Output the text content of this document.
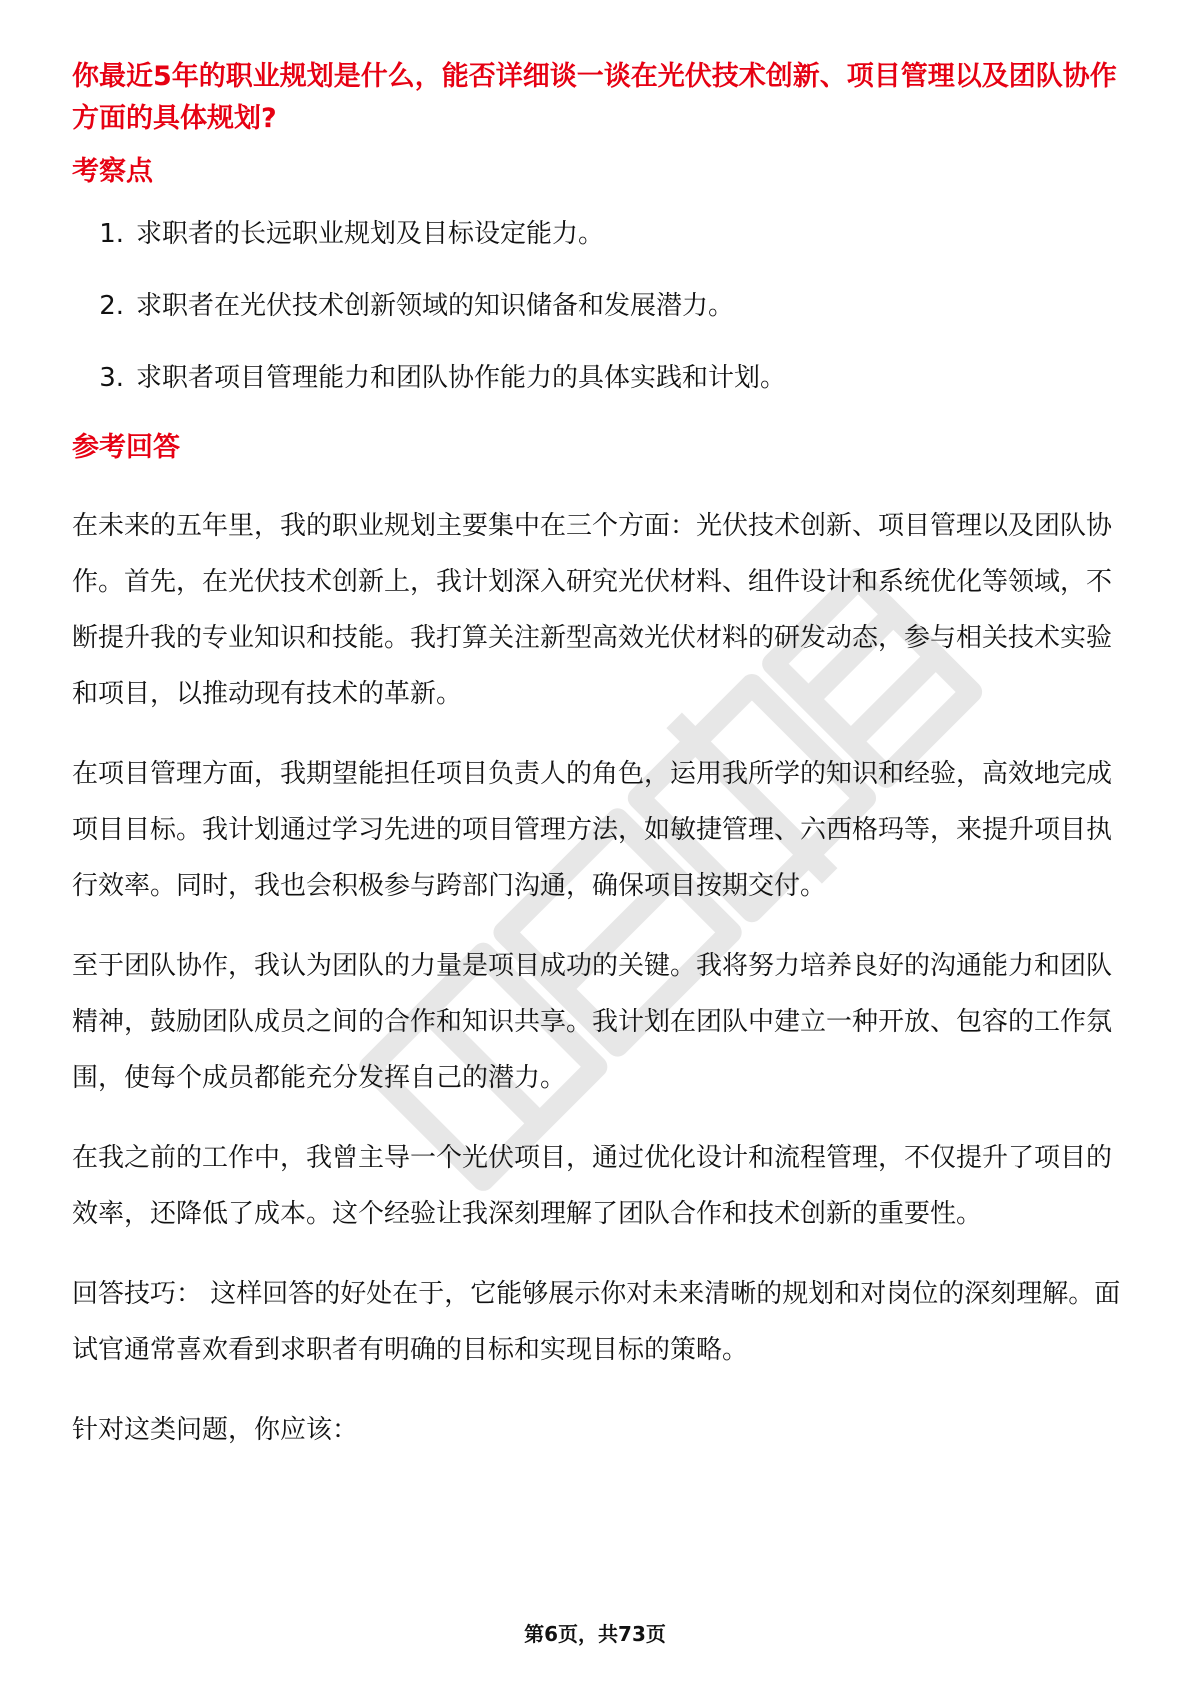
你最近5年的职业规划是什么，能否详细谈一谈在光伏技术创新、项目管理以及团队协作方面的具体规划?

考察点

1. 求职者的长远职业规划及目标设定能力。
2. 求职者在光伏技术创新领域的知识储备和发展潜力。
3. 求职者项目管理能力和团队协作能力的具体实践和计划。

参考回答

在未来的五年里，我的职业规划主要集中在三个方面：光伏技术创新、项目管理以及团队协作。首先，在光伏技术创新上，我计划深入研究光伏材料、组件设计和系统优化等领域，不断提升我的专业知识和技能。我打算关注新型高效光伏材料的研发动态，参与相关技术实验和项目，以推动现有技术的革新。

在项目管理方面，我期望能担任项目负责人的角色，运用我所学的知识和经验，高效地完成项目目标。我计划通过学习先进的项目管理方法，如敏捷管理、六西格玛等，来提升项目执行效率。同时，我也会积极参与跨部门沟通，确保项目按期交付。

至于团队协作，我认为团队的力量是项目成功的关键。我将努力培养良好的沟通能力和团队精神，鼓励团队成员之间的合作和知识共享。我计划在团队中建立一种开放、包容的工作氛围，使每个成员都能充分发挥自己的潜力。

在我之前的工作中，我曾主导一个光伏项目，通过优化设计和流程管理，不仅提升了项目的效率，还降低了成本。这个经验让我深刻理解了团队合作和技术创新的重要性。

回答技巧： 这样回答的好处在于，它能够展示你对未来清晰的规划和对岗位的深刻理解。面试官通常喜欢看到求职者有明确的目标和实现目标的策略。

针对这类问题，你应该：

第6页，共73页
